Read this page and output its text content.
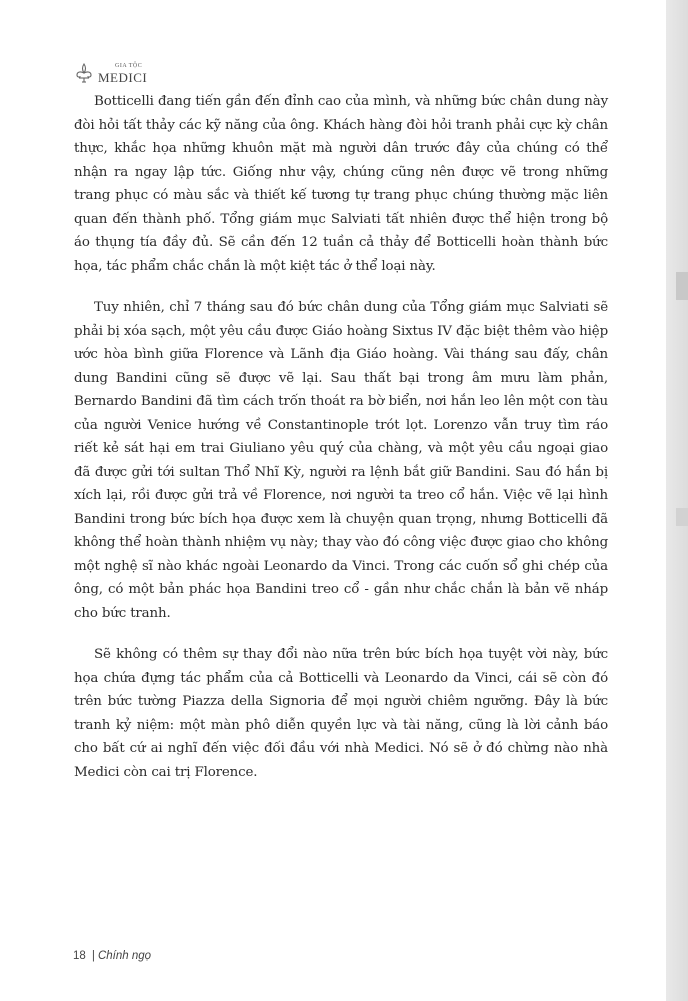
GIA TỘC
MEDICI

Botticelli đang tiến gần đến đỉnh cao của mình, và những bức chân dung này đòi hỏi tất thảy các kỹ năng của ông. Khách hàng đòi hỏi tranh phải cực kỳ chân thực, khắc họa những khuôn mặt mà người dân trước đây của chúng có thể nhận ra ngay lập tức. Giống như vậy, chúng cũng nên được vẽ trong những trang phục có màu sắc và thiết kế tương tự trang phục chúng thường mặc liên quan đến thành phố. Tổng giám mục Salviati tất nhiên được thể hiện trong bộ áo thụng tía đầy đủ. Sẽ cần đến 12 tuần cả thảy để Botticelli hoàn thành bức họa, tác phẩm chắc chắn là một kiệt tác ở thể loại này.

Tuy nhiên, chỉ 7 tháng sau đó bức chân dung của Tổng giám mục Salviati sẽ phải bị xóa sạch, một yêu cầu được Giáo hoàng Sixtus IV đặc biệt thêm vào hiệp ước hòa bình giữa Florence và Lãnh địa Giáo hoàng. Vài tháng sau đấy, chân dung Bandini cũng sẽ được vẽ lại. Sau thất bại trong âm mưu làm phản, Bernardo Bandini đã tìm cách trốn thoát ra bờ biển, nơi hắn leo lên một con tàu của người Venice hướng về Constantinople trót lọt. Lorenzo vẫn truy tìm ráo riết kẻ sát hại em trai Giuliano yêu quý của chàng, và một yêu cầu ngoại giao đã được gửi tới sultan Thổ Nhĩ Kỳ, người ra lệnh bắt giữ Bandini. Sau đó hắn bị xích lại, rồi được gửi trả về Florence, nơi người ta treo cổ hắn. Việc vẽ lại hình Bandini trong bức bích họa được xem là chuyện quan trọng, nhưng Botticelli đã không thể hoàn thành nhiệm vụ này; thay vào đó công việc được giao cho không một nghệ sĩ nào khác ngoài Leonardo da Vinci. Trong các cuốn sổ ghi chép của ông, có một bản phác họa Bandini treo cổ - gần như chắc chắn là bản vẽ nháp cho bức tranh.

Sẽ không có thêm sự thay đổi nào nữa trên bức bích họa tuyệt vời này, bức họa chứa đựng tác phẩm của cả Botticelli và Leonardo da Vinci, cái sẽ còn đó trên bức tường Piazza della Signoria để mọi người chiêm ngưỡng. Đây là bức tranh kỷ niệm: một màn phô diễn quyền lực và tài năng, cũng là lời cảnh báo cho bất cứ ai nghĩ đến việc đối đầu với nhà Medici. Nó sẽ ở đó chừng nào nhà Medici còn cai trị Florence.

18 | Chính ngọ
